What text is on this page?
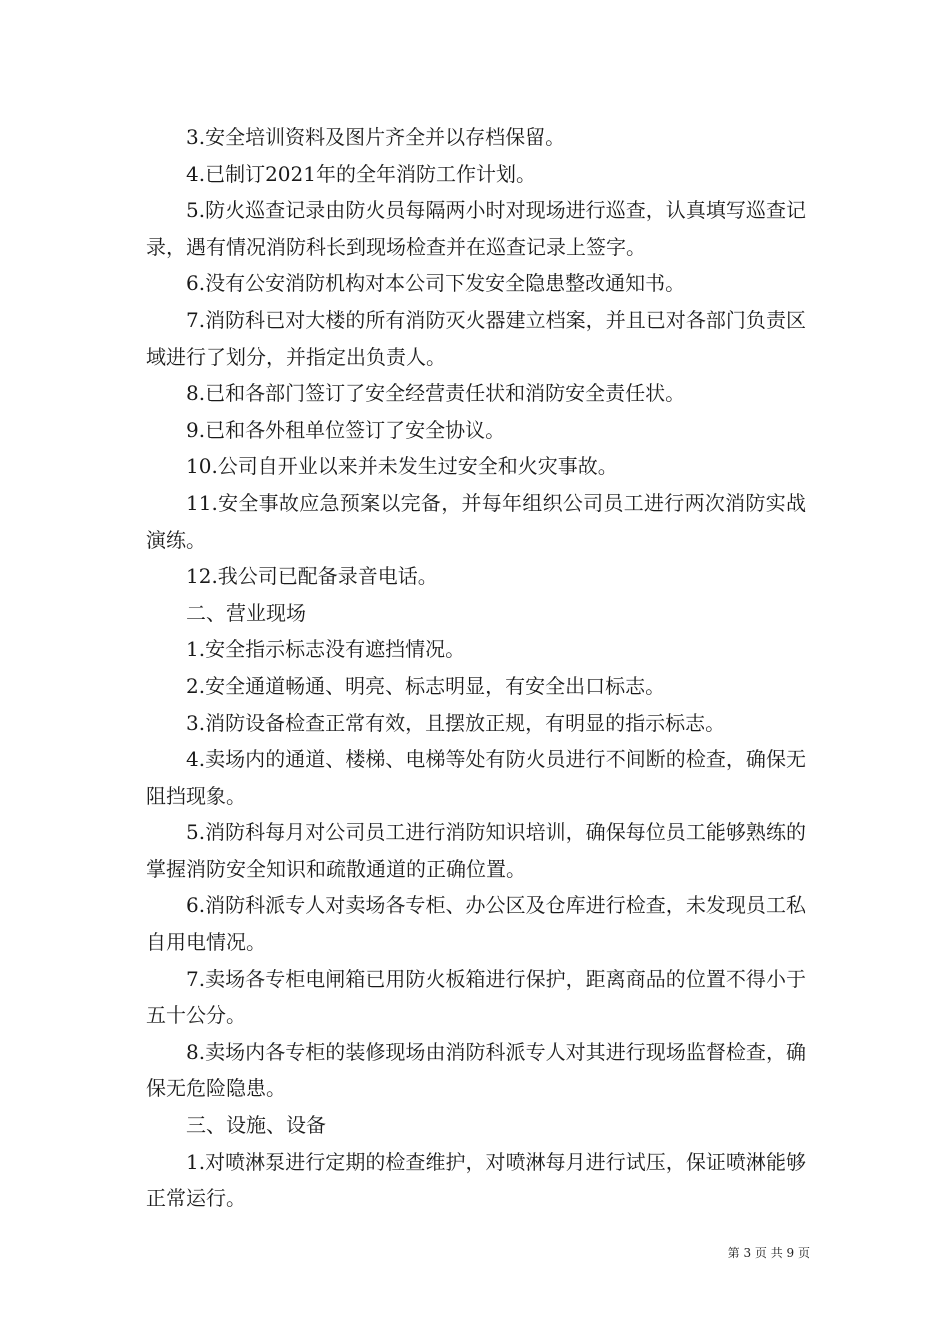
3.安全培训资料及图片齐全并以存档保留。

4.已制订2021年的全年消防工作计划。

5.防火巡查记录由防火员每隔两小时对现场进行巡查，认真填写巡查记录，遇有情况消防科长到现场检查并在巡查记录上签字。

6.没有公安消防机构对本公司下发安全隐患整改通知书。

7.消防科已对大楼的所有消防灭火器建立档案，并且已对各部门负责区域进行了划分，并指定出负责人。

8.已和各部门签订了安全经营责任状和消防安全责任状。

9.已和各外租单位签订了安全协议。

10.公司自开业以来并未发生过安全和火灾事故。

11.安全事故应急预案以完备，并每年组织公司员工进行两次消防实战演练。

12.我公司已配备录音电话。

二、营业现场

1.安全指示标志没有遮挡情况。

2.安全通道畅通、明亮、标志明显，有安全出口标志。

3.消防设备检查正常有效，且摆放正规，有明显的指示标志。

4.卖场内的通道、楼梯、电梯等处有防火员进行不间断的检查，确保无阻挡现象。

5.消防科每月对公司员工进行消防知识培训，确保每位员工能够熟练的掌握消防安全知识和疏散通道的正确位置。

6.消防科派专人对卖场各专柜、办公区及仓库进行检查，未发现员工私自用电情况。

7.卖场各专柜电闸箱已用防火板箱进行保护，距离商品的位置不得小于五十公分。

8.卖场内各专柜的装修现场由消防科派专人对其进行现场监督检查，确保无危险隐患。

三、设施、设备

1.对喷淋泵进行定期的检查维护，对喷淋每月进行试压，保证喷淋能够正常运行。

第 3 页 共 9 页
